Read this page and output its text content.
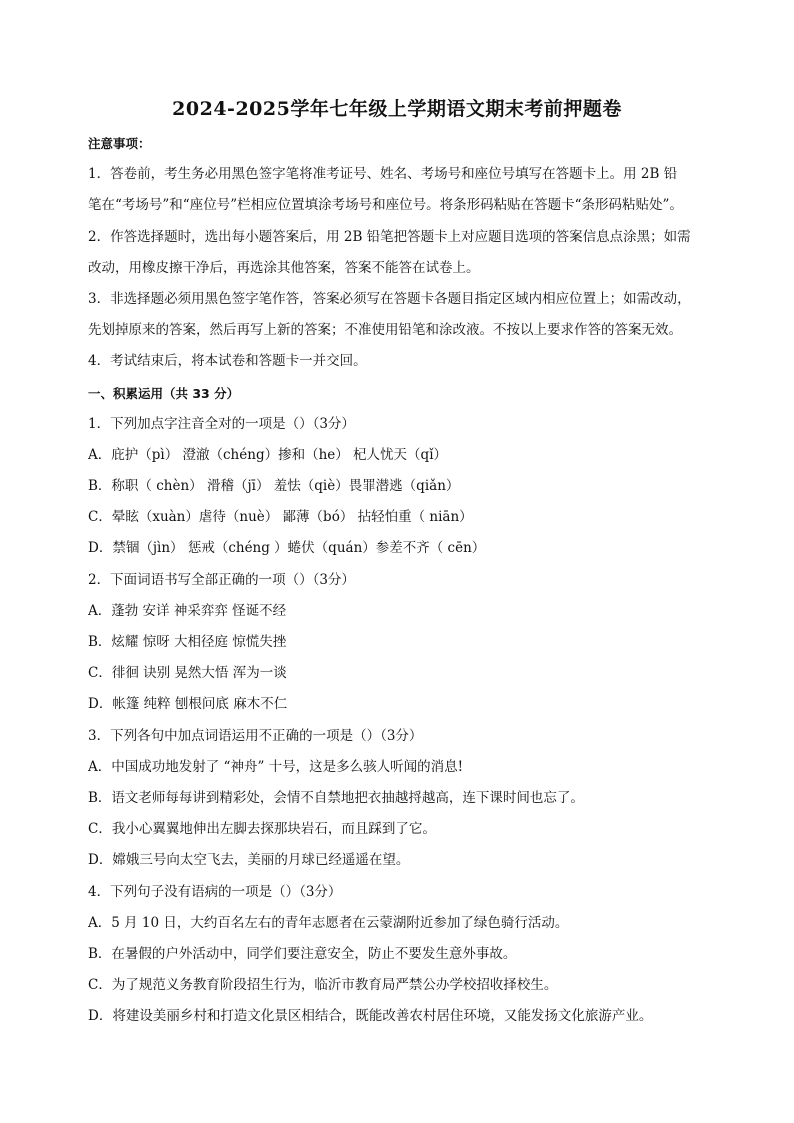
2024-2025学年七年级上学期语文期末考前押题卷
注意事项：
1．答卷前，考生务必用黑色签字笔将准考证号、姓名、考场号和座位号填写在答题卡上。用 2B 铅
笔在“考场号”和“座位号”栏相应位置填涂考场号和座位号。将条形码粘贴在答题卡“条形码粘贴处”。
2．作答选择题时，选出每小题答案后，用 2B 铅笔把答题卡上对应题目选项的答案信息点涂黑；如需
改动，用橡皮擦干净后，再选涂其他答案，答案不能答在试卷上。
3．非选择题必须用黑色签字笔作答，答案必须写在答题卡各题目指定区域内相应位置上；如需改动，
先划掉原来的答案，然后再写上新的答案；不准使用铅笔和涂改液。不按以上要求作答的答案无效。
4．考试结束后，将本试卷和答题卡一并交回。
一、积累运用（共 33 分）
1．下列加点字注音全对的一项是（）（3分）
A．庇护（pì） 澄澈（chéng）掺和（he） 杞人忧天（qǐ）
B．称职（ chèn） 滑稽（jī） 羞怯（qiè）畏罪潜逃（qiǎn）
C．晕眩（xuàn）虐待（nuè） 鄙薄（bó） 拈轻怕重（ niān）
D．禁锢（jìn） 惩戒（chéng ）蜷伏（quán）参差不齐（ cēn）
2．下面词语书写全部正确的一项（）（3分）
A．蓬勃 安详 神采弈弈 怪诞不经
B．炫耀 惊呀 大相径庭 惊慌失挫
C．徘徊 诀别 晃然大悟 浑为一谈
D．帐篷 纯粹 刨根问底 麻木不仁
3．下列各句中加点词语运用不正确的一项是（）（3分）
A．中国成功地发射了 “神舟” 十号，这是多么骇人听闻的消息!
B．语文老师每每讲到精彩处，会情不自禁地把衣抽越捋越高，连下课时间也忘了。
C．我小心翼翼地伸出左脚去探那块岩石，而且踩到了它。
D．嫦娥三号向太空飞去，美丽的月球已经遥遥在望。
4．下列句子没有语病的一项是（）（3分）
A．5 月 10 日，大约百名左右的青年志愿者在云蒙湖附近参加了绿色骑行活动。
B．在暑假的户外活动中，同学们要注意安全，防止不要发生意外事故。
C．为了规范义务教育阶段招生行为，临沂市教育局严禁公办学校招收择校生。
D．将建设美丽乡村和打造文化景区相结合，既能改善农村居住环境，又能发扬文化旅游产业。
